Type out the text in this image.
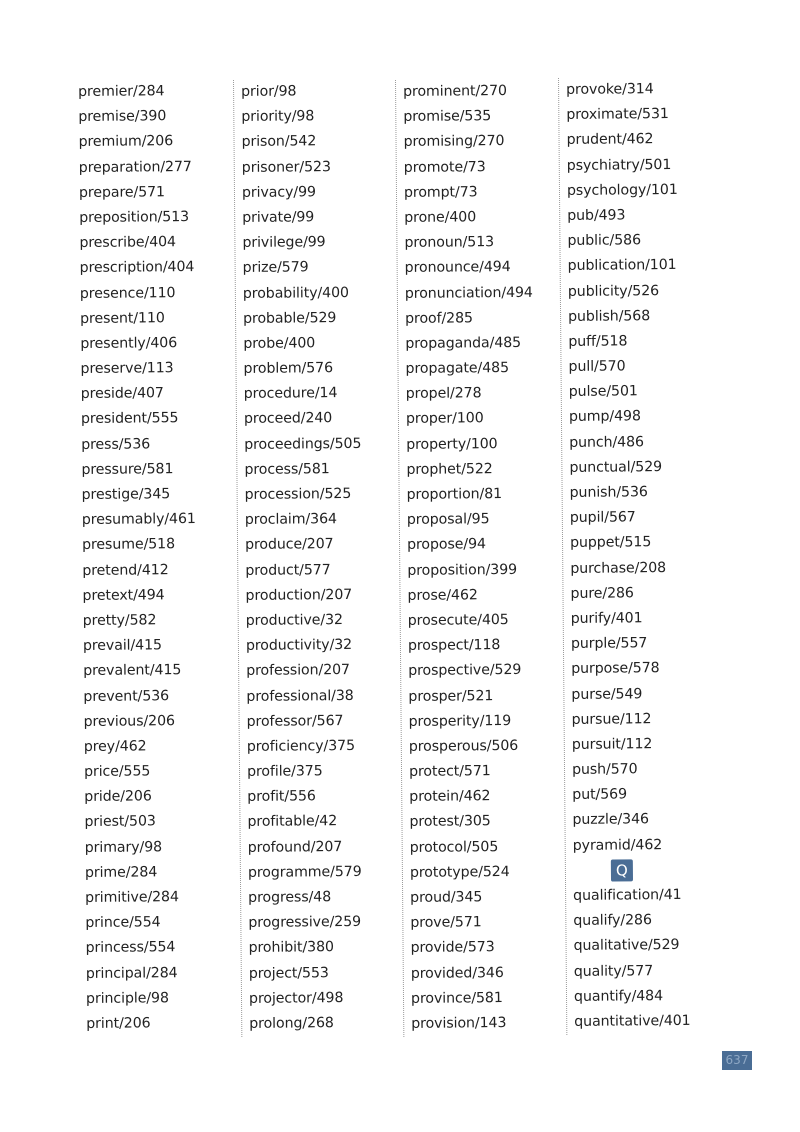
premier/284
premise/390
premium/206
preparation/277
prepare/571
preposition/513
prescribe/404
prescription/404
presence/110
present/110
presently/406
preserve/113
preside/407
president/555
press/536
pressure/581
prestige/345
presumably/461
presume/518
pretend/412
pretext/494
pretty/582
prevail/415
prevalent/415
prevent/536
previous/206
prey/462
price/555
pride/206
priest/503
primary/98
prime/284
primitive/284
prince/554
princess/554
principal/284
principle/98
print/206
prior/98
priority/98
prison/542
prisoner/523
privacy/99
private/99
privilege/99
prize/579
probability/400
probable/529
probe/400
problem/576
procedure/14
proceed/240
proceedings/505
process/581
procession/525
proclaim/364
produce/207
product/577
production/207
productive/32
productivity/32
profession/207
professional/38
professor/567
proficiency/375
profile/375
profit/556
profitable/42
profound/207
programme/579
progress/48
progressive/259
prohibit/380
project/553
projector/498
prolong/268
prominent/270
promise/535
promising/270
promote/73
prompt/73
prone/400
pronoun/513
pronounce/494
pronunciation/494
proof/285
propaganda/485
propagate/485
propel/278
proper/100
property/100
prophet/522
proportion/81
proposal/95
propose/94
proposition/399
prose/462
prosecute/405
prospect/118
prospective/529
prosper/521
prosperity/119
prosperous/506
protect/571
protein/462
protest/305
protocol/505
prototype/524
proud/345
prove/571
provide/573
provided/346
province/581
provision/143
provoke/314
proximate/531
prudent/462
psychiatry/501
psychology/101
pub/493
public/586
publication/101
publicity/526
publish/568
puff/518
pull/570
pulse/501
pump/498
punch/486
punctual/529
punish/536
pupil/567
puppet/515
purchase/208
pure/286
purify/401
purple/557
purpose/578
purse/549
pursue/112
pursuit/112
push/570
put/569
puzzle/346
pyramid/462
Q
qualification/41
qualify/286
qualitative/529
quality/577
quantify/484
quantitative/401
637
